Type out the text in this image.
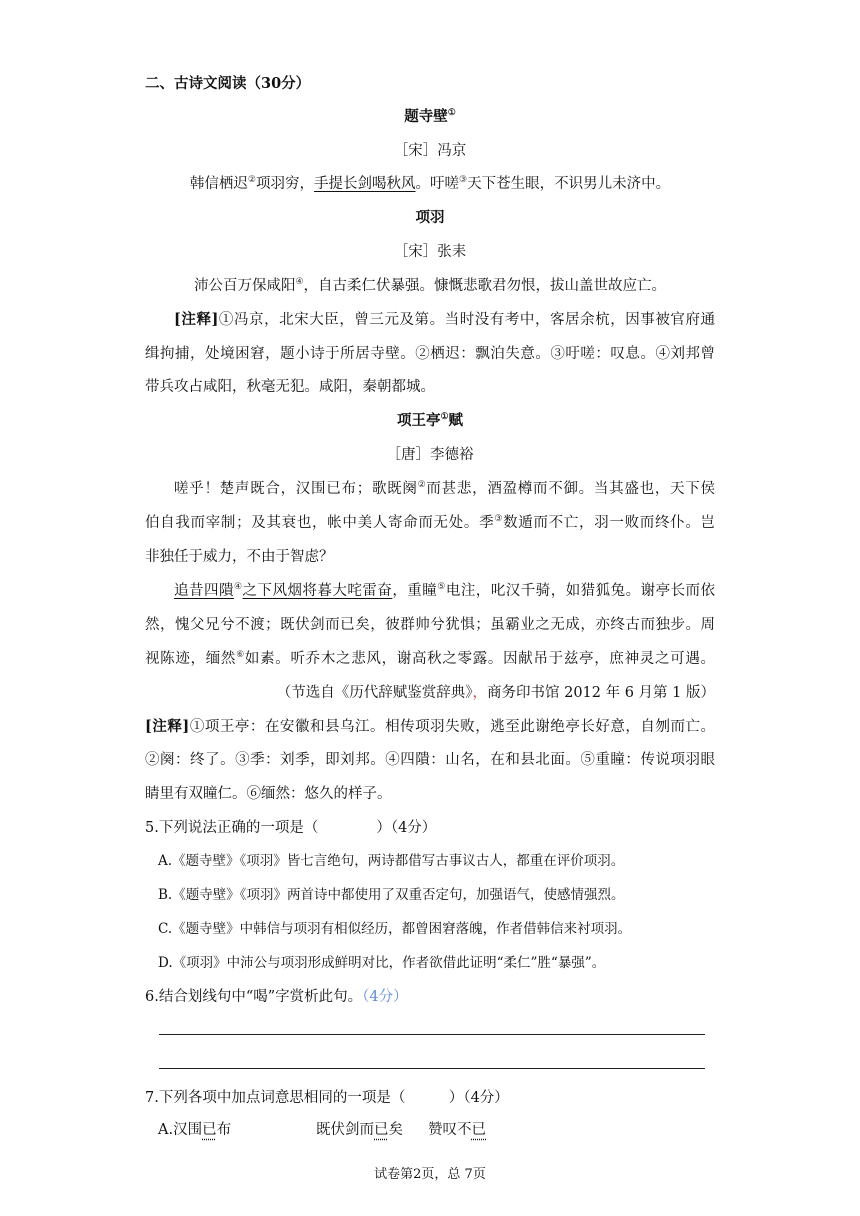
二、古诗文阅读（30分）
题寺壁①
［宋］冯京
韩信栖迟②项羽穷，手提长剑喝秋风。吁嗟③天下苍生眼，不识男儿未济中。
项羽
［宋］张耒
沛公百万保咸阳④，自古柔仁伏暴强。慷慨悲歌君勿恨，拔山盖世故应亡。
[注释]①冯京，北宋大臣，曾三元及第。当时没有考中，客居余杭，因事被官府通
缉拘捕，处境困窘，题小诗于所居寺壁。②栖迟：飘泊失意。③吁嗟：叹息。④刘邦曾
带兵攻占咸阳，秋毫无犯。咸阳，秦朝都城。
项王亭①赋
［唐］李德裕
嗟乎！楚声既合，汉围已布；歌既阕②而甚悲，酒盈樽而不御。当其盛也，天下侯
伯自我而宰制；及其衰也，帐中美人寄命而无处。季③数遁而不亡，羽一败而终仆。岂
非独任于威力，不由于智虑？
追昔四隤④之下风烟将暮大咤雷奋，重瞳⑤电注，叱汉千骑，如猎狐兔。谢亭长而依
然，愧父兄兮不渡；既伏剑而已矣，彼群帅兮犹惧；虽霸业之无成，亦终古而独步。周
视陈迹，缅然⑥如素。听乔木之悲风，谢高秋之零露。因献吊于兹亭，庶神灵之可遇。
（节选自《历代辞赋鉴赏辞典》，商务印书馆 2012 年 6 月第 1 版）
[注释]①项王亭：在安徽和县乌江。相传项羽失败，逃至此谢绝亭长好意，自刎而亡。
②阕：终了。③季：刘季，即刘邦。④四隤：山名，在和县北面。⑤重瞳：传说项羽眼
睛里有双瞳仁。⑥缅然：悠久的样子。
5.下列说法正确的一项是（　　　　）（4分）
A.《题寺壁》《项羽》皆七言绝句，两诗都借写古事议古人，都重在评价项羽。
B.《题寺壁》《项羽》两首诗中都使用了双重否定句，加强语气，使感情强烈。
C.《题寺壁》中韩信与项羽有相似经历，都曾困窘落魄，作者借韩信来衬项羽。
D.《项羽》中沛公与项羽形成鲜明对比，作者欲借此证明“柔仁”胜“暴强”。
6.结合划线句中“喝”字赏析此句。（4分）
7.下列各项中加点词意思相同的一项是（　　　）（4分）
A.汉围已布	既伏剑而已矣 赞叹不已
试卷第2页，总 7页
